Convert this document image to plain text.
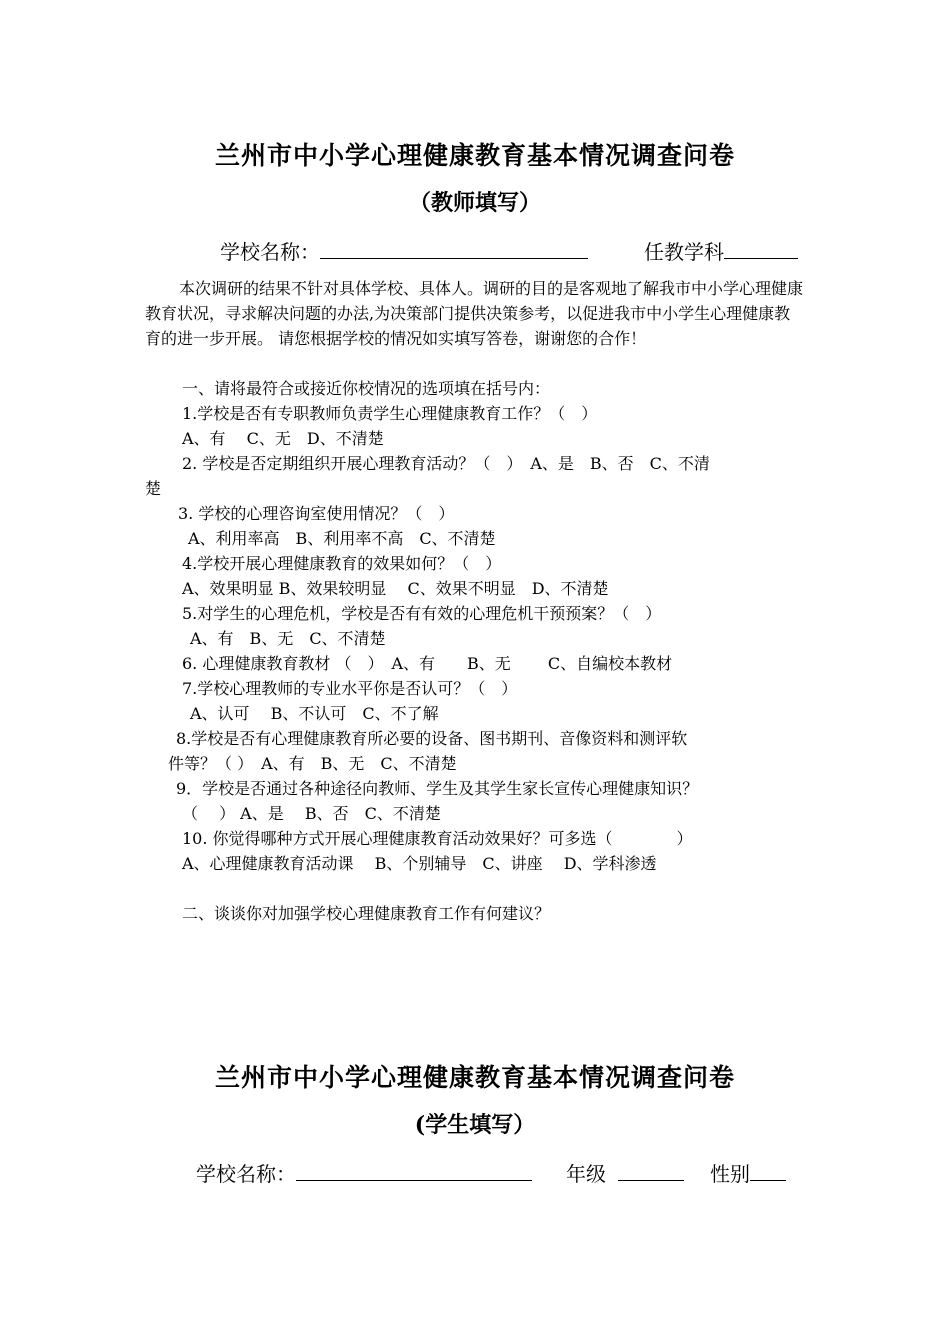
兰州市中小学心理健康教育基本情况调查问卷
（教师填写）
学校名称：	任教学科
本次调研的结果不针对具体学校、具体人。调研的目的是客观地了解我市中小学心理健康教育状况，寻求解决问题的办法,为决策部门提供决策参考，以促进我市中小学生心理健康教育的进一步开展。 请您根据学校的情况如实填写答卷，谢谢您的合作！
一、请将最符合或接近你校情况的选项填在括号内：
1.学校是否有专职教师负责学生心理健康教育工作？（　）
A、有　 C、无　D、不清楚
2. 学校是否定期组织开展心理教育活动？（　）　A、是　B、否　C、不清
楚
3. 学校的心理咨询室使用情况？（　）
A、利用率高　B、利用率不高　C、不清楚
4.学校开展心理健康教育的效果如何？（　）
A、效果明显 B、效果较明显　 C、效果不明显　D、不清楚
5.对学生的心理危机，学校是否有有效的心理危机干预预案？（　）
A、有　B、无　C、不清楚
6. 心理健康教育教材 （　）　A、有　　B、无　　 C、自编校本教材
7.学校心理教师的专业水平你是否认可？（　）
A、认可　 B、不认可　C、不了解
8.学校是否有心理健康教育所必要的设备、图书期刊、音像资料和测评软
件等？（ ）　A、有　B、无　C、不清楚
9．学校是否通过各种途径向教师、学生及其学生家长宣传心理健康知识？
（　 ） A、是　 B、否　C、不清楚
10. 你觉得哪种方式开展心理健康教育活动效果好？可多选（　　　　）
A、心理健康教育活动课　 B、个别辅导　C、讲座　 D、学科渗透
二、谈谈你对加强学校心理健康教育工作有何建议？
兰州市中小学心理健康教育基本情况调查问卷
(学生填写）
学校名称：	年级	性别
